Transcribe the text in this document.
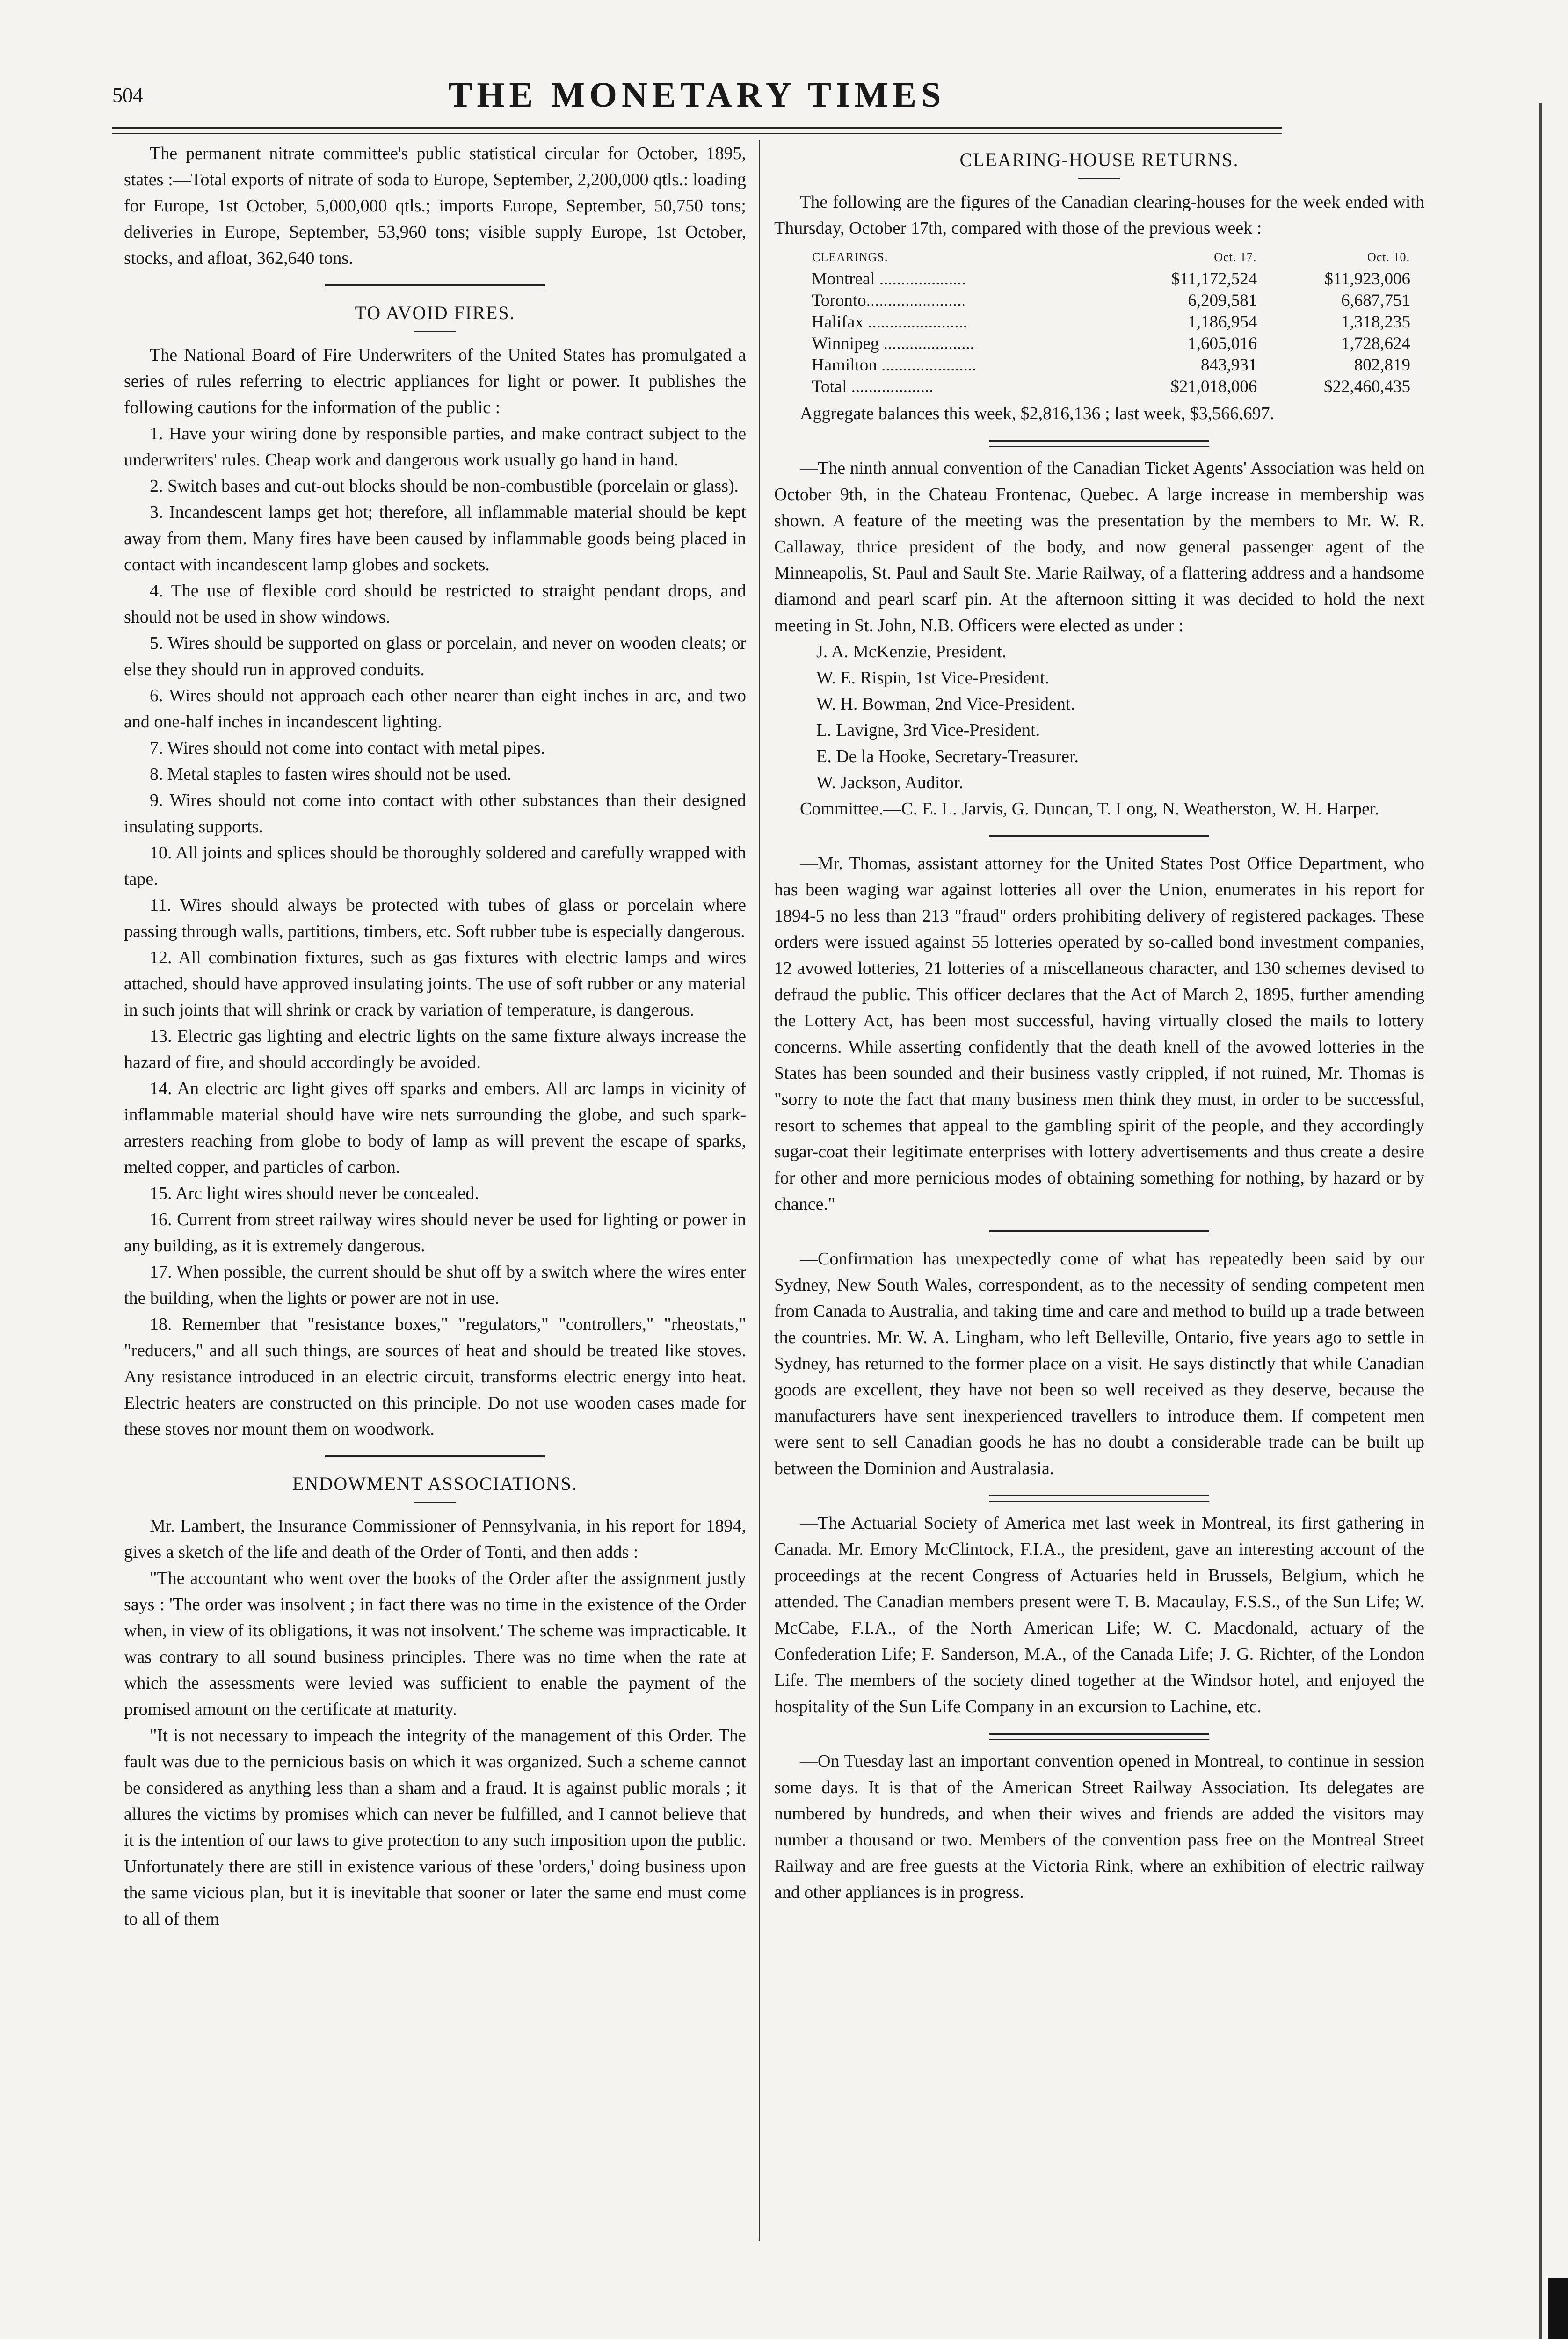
504	THE MONETARY TIMES

The permanent nitrate committee's public statistical circular for October, 1895, states :—Total exports of nitrate of soda to Europe, September, 2,200,000 qtls.: loading for Europe, 1st October, 5,000,000 qtls.; imports Europe, September, 50,750 tons; deliveries in Europe, September, 53,960 tons; visible supply Europe, 1st October, stocks, and afloat, 362,640 tons.

TO AVOID FIRES.

The National Board of Fire Underwriters of the United States has promulgated a series of rules referring to electric appliances for light or power. It publishes the following cautions for the information of the public :

1. Have your wiring done by responsible parties, and make contract subject to the underwriters' rules. Cheap work and dangerous work usually go hand in hand.
2. Switch bases and cut-out blocks should be non-combustible (porcelain or glass).
3. Incandescent lamps get hot; therefore, all inflammable material should be kept away from them. Many fires have been caused by inflammable goods being placed in contact with incandescent lamp globes and sockets.
4. The use of flexible cord should be restricted to straight pendant drops, and should not be used in show windows.
5. Wires should be supported on glass or porcelain, and never on wooden cleats; or else they should run in approved conduits.
6. Wires should not approach each other nearer than eight inches in arc, and two and one-half inches in incandescent lighting.
7. Wires should not come into contact with metal pipes.
8. Metal staples to fasten wires should not be used.
9. Wires should not come into contact with other substances than their designed insulating supports.
10. All joints and splices should be thoroughly soldered and carefully wrapped with tape.
11. Wires should always be protected with tubes of glass or porcelain where passing through walls, partitions, timbers, etc. Soft rubber tube is especially dangerous.
12. All combination fixtures, such as gas fixtures with electric lamps and wires attached, should have approved insulating joints. The use of soft rubber or any material in such joints that will shrink or crack by variation of temperature, is dangerous.
13. Electric gas lighting and electric lights on the same fixture always increase the hazard of fire, and should accordingly be avoided.
14. An electric arc light gives off sparks and embers. All arc lamps in vicinity of inflammable material should have wire nets surrounding the globe, and such spark-arresters reaching from globe to body of lamp as will prevent the escape of sparks, melted copper, and particles of carbon.
15. Arc light wires should never be concealed.
16. Current from street railway wires should never be used for lighting or power in any building, as it is extremely dangerous.
17. When possible, the current should be shut off by a switch where the wires enter the building, when the lights or power are not in use.
18. Remember that "resistance boxes," "regulators," "controllers," "rheostats," "reducers," and all such things, are sources of heat and should be treated like stoves. Any resistance introduced in an electric circuit, transforms electric energy into heat. Electric heaters are constructed on this principle. Do not use wooden cases made for these stoves nor mount them on woodwork.

ENDOWMENT ASSOCIATIONS.

Mr. Lambert, the Insurance Commissioner of Pennsylvania, in his report for 1894, gives a sketch of the life and death of the Order of Tonti, and then adds :

"The accountant who went over the books of the Order after the assignment justly says : 'The order was insolvent ; in fact there was no time in the existence of the Order when, in view of its obligations, it was not insolvent.' The scheme was impracticable. It was contrary to all sound business principles. There was no time when the rate at which the assessments were levied was sufficient to enable the payment of the promised amount on the certificate at maturity.

"It is not necessary to impeach the integrity of the management of this Order. The fault was due to the pernicious basis on which it was organized. Such a scheme cannot be considered as anything less than a sham and a fraud. It is against public morals ; it allures the victims by promises which can never be fulfilled, and I cannot believe that it is the intention of our laws to give protection to any such imposition upon the public. Unfortunately there are still in existence various of these 'orders,' doing business upon the same vicious plan, but it is inevitable that sooner or later the same end must come to all of them

CLEARING-HOUSE RETURNS.

The following are the figures of the Canadian clearing-houses for the week ended with Thursday, October 17th, compared with those of the previous week :

CLEARINGS.	Oct. 17.	Oct. 10.
Montreal ....................	$11,172,524	$11,923,006
Toronto.......................	6,209,581	6,687,751
Halifax .......................	1,186,954	1,318,235
Winnipeg .....................	1,605,016	1,728,624
Hamilton ......................	843,931	802,819
Total ...................	$21,018,006	$22,460,435

Aggregate balances this week, $2,816,136 ; last week, $3,566,697.

—The ninth annual convention of the Canadian Ticket Agents' Association was held on October 9th, in the Chateau Frontenac, Quebec. A large increase in membership was shown. A feature of the meeting was the presentation by the members to Mr. W. R. Callaway, thrice president of the body, and now general passenger agent of the Minneapolis, St. Paul and Sault Ste. Marie Railway, of a flattering address and a handsome diamond and pearl scarf pin. At the afternoon sitting it was decided to hold the next meeting in St. John, N.B. Officers were elected as under :

J. A. McKenzie, President.

W. E. Rispin, 1st Vice-President.

W. H. Bowman, 2nd Vice-President.

L. Lavigne, 3rd Vice-President.

E. De la Hooke, Secretary-Treasurer.

W. Jackson, Auditor.

Committee.—C. E. L. Jarvis, G. Duncan, T. Long, N. Weatherston, W. H. Harper.

—Mr. Thomas, assistant attorney for the United States Post Office Department, who has been waging war against lotteries all over the Union, enumerates in his report for 1894-5 no less than 213 "fraud" orders prohibiting delivery of registered packages. These orders were issued against 55 lotteries operated by so-called bond investment companies, 12 avowed lotteries, 21 lotteries of a miscellaneous character, and 130 schemes devised to defraud the public. This officer declares that the Act of March 2, 1895, further amending the Lottery Act, has been most successful, having virtually closed the mails to lottery concerns. While asserting confidently that the death knell of the avowed lotteries in the States has been sounded and their business vastly crippled, if not ruined, Mr. Thomas is "sorry to note the fact that many business men think they must, in order to be successful, resort to schemes that appeal to the gambling spirit of the people, and they accordingly sugar-coat their legitimate enterprises with lottery advertisements and thus create a desire for other and more pernicious modes of obtaining something for nothing, by hazard or by chance."

—Confirmation has unexpectedly come of what has repeatedly been said by our Sydney, New South Wales, correspondent, as to the necessity of sending competent men from Canada to Australia, and taking time and care and method to build up a trade between the countries. Mr. W. A. Lingham, who left Belleville, Ontario, five years ago to settle in Sydney, has returned to the former place on a visit. He says distinctly that while Canadian goods are excellent, they have not been so well received as they deserve, because the manufacturers have sent inexperienced travellers to introduce them. If competent men were sent to sell Canadian goods he has no doubt a considerable trade can be built up between the Dominion and Australasia.

—The Actuarial Society of America met last week in Montreal, its first gathering in Canada. Mr. Emory McClintock, F.I.A., the president, gave an interesting account of the proceedings at the recent Congress of Actuaries held in Brussels, Belgium, which he attended. The Canadian members present were T. B. Macaulay, F.S.S., of the Sun Life; W. McCabe, F.I.A., of the North American Life; W. C. Macdonald, actuary of the Confederation Life; F. Sanderson, M.A., of the Canada Life; J. G. Richter, of the London Life. The members of the society dined together at the Windsor hotel, and enjoyed the hospitality of the Sun Life Company in an excursion to Lachine, etc.

—On Tuesday last an important convention opened in Montreal, to continue in session some days. It is that of the American Street Railway Association. Its delegates are numbered by hundreds, and when their wives and friends are added the visitors may number a thousand or two. Members of the convention pass free on the Montreal Street Railway and are free guests at the Victoria Rink, where an exhibition of electric railway and other appliances is in progress.
